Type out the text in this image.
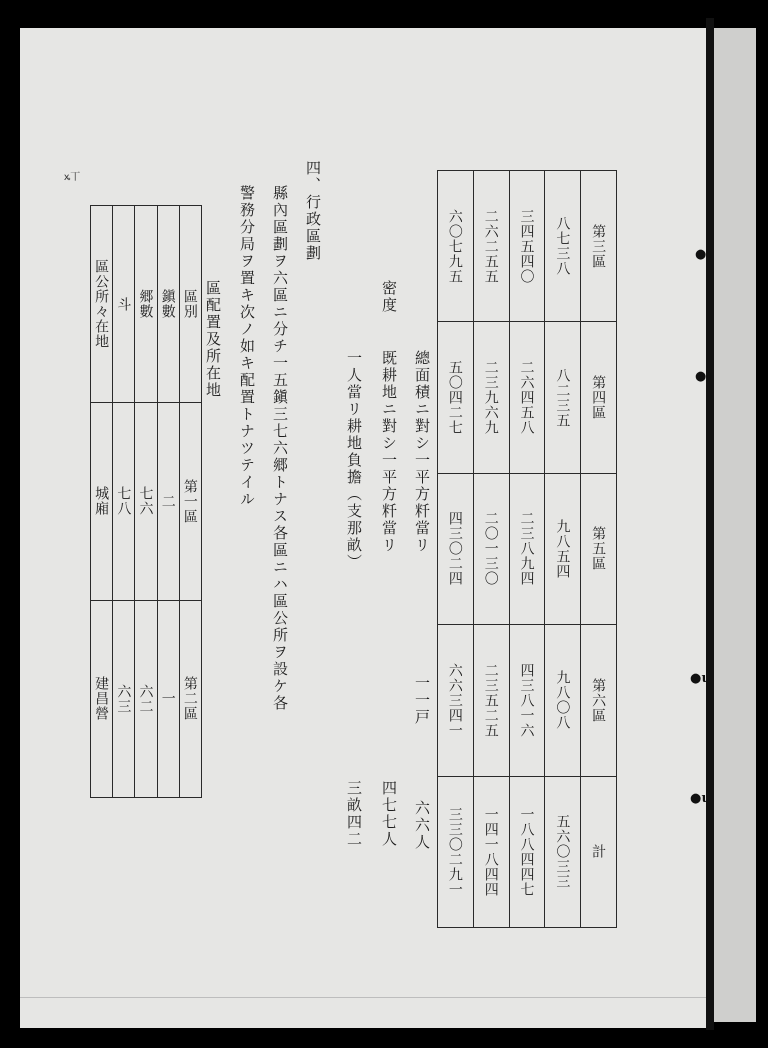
●ɩ
●ɩ
●ɩ
●ɩ
ꭖ丅
第三區	第四區	第五區	第六區	計
八七三八	八二三五	九八五四	九八〇八	五六〇三三
三四五四〇	二六四五八	二三八九四	四三八一六	一八八四四七
二六二五五	二三九六九	二〇一三〇	二三五二五	一四一八四四
六〇七九五	五〇四二七	四三〇二四	六六三四一	三三〇二九一
總面積ニ對シ一平方粁當リ
一一戸
六六人
密度
既耕地ニ對シ一平方粁當リ
四七七人
一人當リ耕地負擔（支那畝）
三畝四二
四、行政區劃
縣內區劃ヲ六區ニ分チ一五鎭三七六郷トナス各區ニハ區公所ヲ設ケ各
警務分局ヲ置キ次ノ如キ配置トナツテイル
區配置及所在地
區別	第一區	第二區
鎭數	二	一
郷數	七六	六二
斗	七八	六三
區公所々在地	城廂	建昌營
